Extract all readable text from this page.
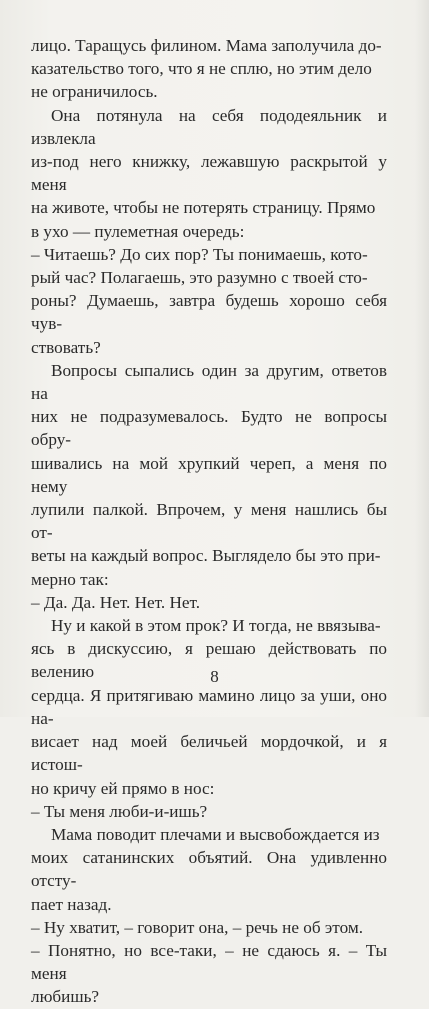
лицо. Таращусь филином. Мама заполучила до-
казательство того, что я не сплю, но этим дело
не ограничилось.

Она потянула на себя пододеяльник и извлекла
из-под него книжку, лежавшую раскрытой у меня
на животе, чтобы не потерять страницу. Прямо
в ухо — пулеметная очередь:

– Читаешь? До сих пор? Ты понимаешь, кото-
рый час? Полагаешь, это разумно с твоей сто-
роны? Думаешь, завтра будешь хорошо себя чув-
ствовать?

Вопросы сыпались один за другим, ответов на
них не подразумевалось. Будто не вопросы обру-
шивались на мой хрупкий череп, а меня по нему
лупили палкой. Впрочем, у меня нашлись бы от-
веты на каждый вопрос. Выглядело бы это при-
мерно так:

– Да. Да. Нет. Нет. Нет.

Ну и какой в этом прок? И тогда, не ввязыва-
ясь в дискуссию, я решаю действовать по велению
сердца. Я притягиваю мамино лицо за уши, оно на-
висает над моей беличьей мордочкой, и я истош-
но кричу ей прямо в нос:

– Ты меня люби-и-ишь?

Мама поводит плечами и высвобождается из
моих сатанинских объятий. Она удивленно отсту-
пает назад.

– Ну хватит, – говорит она, – речь не об этом.

– Понятно, но все-таки, – не сдаюсь я. – Ты меня
любишь?

8
